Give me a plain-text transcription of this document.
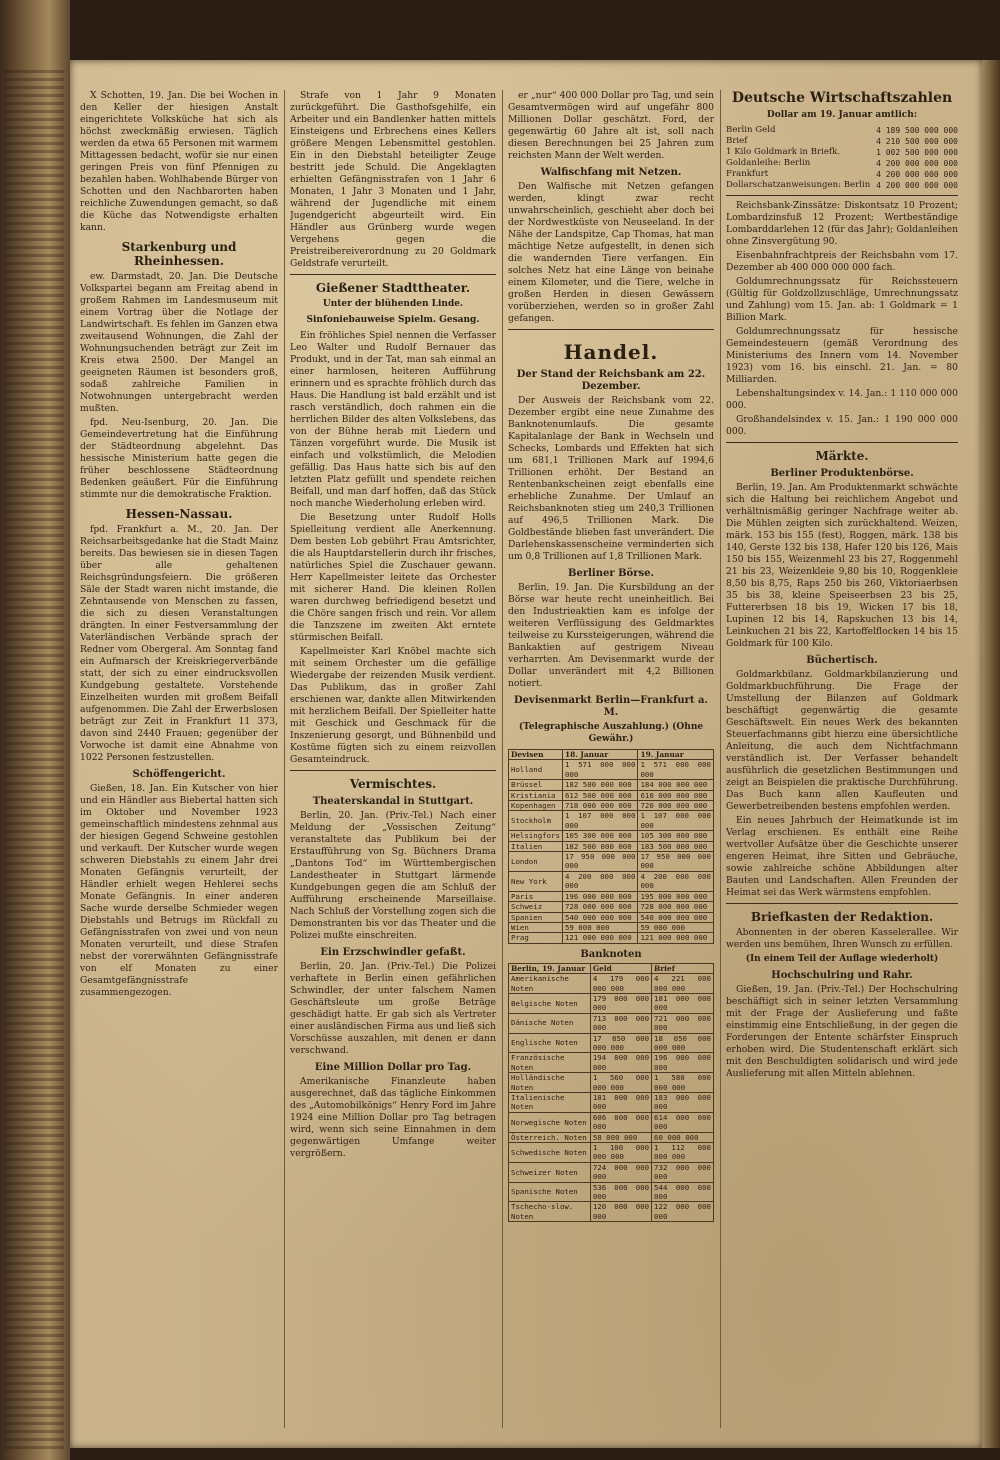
X Schotten, 19. Jan. Die bei Wochen in den Keller der hiesigen Anstalt eingerichtete Volksküche hat sich als höchst zweckmäßig erwiesen. Täglich werden da etwa 65 Personen mit warmem Mittagessen bedacht, wofür sie nur einen geringen Preis von fünf Pfennigen zu bezahlen haben. Wohlhabende Bürger von Schotten und den Nachbarorten haben reichliche Zuwendungen gemacht, so daß die Küche das Notwendigste erhalten kann.

Starkenburg und Rheinhessen.

ew. Darmstadt, 20. Jan. Die Deutsche Volkspartei begann am Freitag abend in großem Rahmen im Landesmuseum mit einem Vortrag über die Notlage der Landwirtschaft. Es fehlen im Ganzen etwa zweitausend Wohnungen, die Zahl der Wohnungsuchenden beträgt zur Zeit im Kreis etwa 2500. Der Mangel an geeigneten Räumen ist besonders groß, sodaß zahlreiche Familien in Notwohnungen untergebracht werden mußten.

fpd. Neu-Isenburg, 20. Jan. Die Gemeindevertretung hat die Einführung der Städteordnung abgelehnt. Das hessische Ministerium hatte gegen die früher beschlossene Städteordnung Bedenken geäußert. Für die Einführung stimmte nur die demokratische Fraktion.

Hessen-Nassau.

fpd. Frankfurt a. M., 20. Jan. Der Reichsarbeitsgedanke hat die Stadt Mainz bereits. Das bewiesen sie in diesen Tagen über alle gehaltenen Reichsgründungsfeiern. Die größeren Säle der Stadt waren nicht imstande, die Zehntausende von Menschen zu fassen, die sich zu diesen Veranstaltungen drängten. In einer Festversammlung der Vaterländischen Verbände sprach der Redner vom Obergeral. Am Sonntag fand ein Aufmarsch der Kreiskriegerverbände statt, der sich zu einer eindrucksvollen Kundgebung gestaltete. Vorstehende Einzelheiten wurden mit großem Beifall aufgenommen. Die Zahl der Erwerbslosen beträgt zur Zeit in Frankfurt 11 373, davon sind 2440 Frauen; gegenüber der Vorwoche ist damit eine Abnahme von 1022 Personen festzustellen.

Schöffengericht.

Gießen, 18. Jan. Ein Kutscher von hier und ein Händler aus Biebertal hatten sich im Oktober und November 1923 gemeinschaftlich mindestens zehnmal aus der hiesigen Gegend Schweine gestohlen und verkauft. Der Kutscher wurde wegen schweren Diebstahls zu einem Jahr drei Monaten Gefängnis verurteilt, der Händler erhielt wegen Hehlerei sechs Monate Gefängnis. In einer anderen Sache wurde derselbe Schmieder wegen Diebstahls und Betrugs im Rückfall zu Gefängnisstrafen von zwei und von neun Monaten verurteilt, und diese Strafen nebst der vorerwähnten Gefängnisstrafe von elf Monaten zu einer Gesamtgefängnisstrafe zusammengezogen.

Strafe von 1 Jahr 9 Monaten zurückgeführt. Die Gasthofsgehilfe, ein Arbeiter und ein Bandlenker hatten mittels Einsteigens und Erbrechens eines Kellers größere Mengen Lebensmittel gestohlen. Ein in den Diebstahl beteiligter Zeuge bestritt jede Schuld. Die Angeklagten erhielten Gefängnisstrafen von 1 Jahr 6 Monaten, 1 Jahr 3 Monaten und 1 Jahr, während der Jugendliche mit einem Jugendgericht abgeurteilt wird. Ein Händler aus Grünberg wurde wegen Vergehens gegen die Preistreibereiverordnung zu 20 Goldmark Geldstrafe verurteilt.

Gießener Stadttheater.
Unter der blühenden Linde.
Sinfoniebauweise Spielm. Gesang.

Ein fröhliches Spiel nennen die Verfasser Leo Walter und Rudolf Bernauer das Produkt, und in der Tat, man sah einmal an einer harmlosen, heiteren Aufführung erinnern und es sprachte fröhlich durch das Haus. Die Handlung ist bald erzählt und ist rasch verständlich, doch rahmen ein die herrlichen Bilder des alten Volkslebens, das von der Bühne herab mit Liedern und Tänzen vorgeführt wurde. Die Musik ist einfach und volkstümlich, die Melodien gefällig. Das Haus hatte sich bis auf den letzten Platz gefüllt und spendete reichen Beifall, und man darf hoffen, daß das Stück noch manche Wiederholung erleben wird.

Die Besetzung unter Rudolf Holls Spielleitung verdient alle Anerkennung. Dem besten Lob gebührt Frau Amtsrichter, die als Hauptdarstellerin durch ihr frisches, natürliches Spiel die Zuschauer gewann. Herr Kapellmeister leitete das Orchester mit sicherer Hand. Die kleinen Rollen waren durchweg befriedigend besetzt und die Chöre sangen frisch und rein. Vor allem die Tanzszene im zweiten Akt erntete stürmischen Beifall.

Kapellmeister Karl Knöbel machte sich mit seinem Orchester um die gefällige Wiedergabe der reizenden Musik verdient. Das Publikum, das in großer Zahl erschienen war, dankte allen Mitwirkenden mit herzlichem Beifall. Der Spielleiter hatte mit Geschick und Geschmack für die Inszenierung gesorgt, und Bühnenbild und Kostüme fügten sich zu einem reizvollen Gesamteindruck.

Vermischtes.
Theaterskandal in Stuttgart.

Berlin, 20. Jan. (Priv.-Tel.) Nach einer Meldung der „Vossischen Zeitung“ veranstaltete das Publikum bei der Erstaufführung von Sg. Büchners Drama „Dantons Tod“ im Württembergischen Landestheater in Stuttgart lärmende Kundgebungen gegen die am Schluß der Aufführung erscheinende Marseillaise. Nach Schluß der Vorstellung zogen sich die Demonstranten bis vor das Theater und die Polizei mußte einschreiten.

Ein Erzschwindler gefaßt.

Berlin, 20. Jan. (Priv.-Tel.) Die Polizei verhaftete in Berlin einen gefährlichen Schwindler, der unter falschem Namen Geschäftsleute um große Beträge geschädigt hatte. Er gab sich als Vertreter einer ausländischen Firma aus und ließ sich Vorschüsse auszahlen, mit denen er dann verschwand.

Eine Million Dollar pro Tag.

Amerikanische Finanzleute haben ausgerechnet, daß das tägliche Einkommen des „Automobilkönigs“ Henry Ford im Jahre 1924 eine Million Dollar pro Tag betragen wird, wenn sich seine Einnahmen in dem gegenwärtigen Umfange weiter vergrößern.

er „nur“ 400 000 Dollar pro Tag, und sein Gesamtvermögen wird auf ungefähr 800 Millionen Dollar geschätzt. Ford, der gegenwärtig 60 Jahre alt ist, soll nach diesen Berechnungen bei 25 Jahren zum reichsten Mann der Welt werden.

Walfischfang mit Netzen.

Den Walfische mit Netzen gefangen werden, klingt zwar recht unwahrscheinlich, geschieht aber doch bei der Nordwestküste von Neuseeland. In der Nähe der Landspitze, Cap Thomas, hat man mächtige Netze aufgestellt, in denen sich die wandernden Tiere verfangen. Ein solches Netz hat eine Länge von beinahe einem Kilometer, und die Tiere, welche in großen Herden in diesen Gewässern vorüberziehen, werden so in großer Zahl gefangen.

Handel.
Der Stand der Reichsbank am 22. Dezember.

Der Ausweis der Reichsbank vom 22. Dezember ergibt eine neue Zunahme des Banknotenumlaufs. Die gesamte Kapitalanlage der Bank in Wechseln und Schecks, Lombards und Effekten hat sich um 681,1 Trillionen Mark auf 1994,6 Trillionen erhöht. Der Bestand an Rentenbankscheinen zeigt ebenfalls eine erhebliche Zunahme. Der Umlauf an Reichsbanknoten stieg um 240,3 Trillionen auf 496,5 Trillionen Mark. Die Goldbestände blieben fast unverändert. Die Darlehenskassenscheine verminderten sich um 0,8 Trillionen auf 1,8 Trillionen Mark.

Berliner Börse.

Berlin, 19. Jan. Die Kursbildung an der Börse war heute recht uneinheitlich. Bei den Industrieaktien kam es infolge der weiteren Verflüssigung des Geldmarktes teilweise zu Kurssteigerungen, während die Bankaktien auf gestrigem Niveau verharrten. Am Devisenmarkt wurde der Dollar unverändert mit 4,2 Billionen notiert.

Devisenmarkt Berlin—Frankfurt a. M.
(Telegraphische Auszahlung.) (Ohne Gewähr.)
Devisen	18. Januar	19. Januar
Holland	1 571 000 000 000	1 571 000 000 000
Brüssel	182 500 000 000	184 000 000 000
Kristiania	612 500 000 000	610 000 000 000
Kopenhagen	718 000 000 000	720 000 000 000
Stockholm	1 107 000 000 000	1 107 000 000 000
Helsingfors	105 300 000 000	105 300 000 000
Italien	182 500 000 000	183 500 000 000
London	17 950 000 000 000	17 950 000 000 000
New York	4 200 000 000 000	4 200 000 000 000
Paris	196 000 000 000	195 000 000 000
Schweiz	728 000 000 000	728 000 000 000
Spanien	540 000 000 000	540 000 000 000
Wien	59 000 000	59 000 000
Prag	121 000 000 000	121 000 000 000
Banknoten
Berlin, 19. Januar	Geld	Brief
Amerikanische Noten	4 179 000 000 000	4 221 000 000 000
Belgische Noten	179 000 000 000	181 000 000 000
Dänische Noten	713 000 000 000	721 000 000 000
Englische Noten	17 850 000 000 000	18 050 000 000 000
Französische Noten	194 000 000 000	196 000 000 000
Holländische Noten	1 560 000 000 000	1 580 000 000 000
Italienische Noten	181 000 000 000	183 000 000 000
Norwegische Noten	606 000 000 000	614 000 000 000
Österreich. Noten	58 000 000	60 000 000
Schwedische Noten	1 100 000 000 000	1 112 000 000 000
Schweizer Noten	724 000 000 000	732 000 000 000
Spanische Noten	536 000 000 000	544 000 000 000
Tschecho-slow. Noten	120 000 000 000	122 000 000 000
Deutsche Wirtschaftszahlen
Dollar am 19. Januar amtlich:
Berlin Geld	4 189 500 000 000
Brief	4 210 500 000 000
1 Kilo Goldmark in Briefk.	1 002 500 000 000
Goldanleihe: Berlin	4 200 000 000 000
Frankfurt	4 200 000 000 000
Dollarschatzanweisungen: Berlin 4 200 000 000 000

Reichsbank-Zinssätze: Diskontsatz 10 Prozent; Lombardzinsfuß 12 Prozent; Wertbeständige Lombarddarlehen 12 (für das Jahr); Goldanleihen ohne Zinsvergütung 90.

Eisenbahnfrachtpreis der Reichsbahn vom 17. Dezember ab 400 000 000 000 fach.

Goldumrechnungssatz für Reichssteuern (Gültig für Goldzollzuschläge, Umrechnungssatz und Zahlung) vom 15. Jan. ab: 1 Goldmark = 1 Billion Mark.

Goldumrechnungssatz für hessische Gemeindesteuern (gemäß Verordnung des Ministeriums des Innern vom 14. November 1923) vom 16. bis einschl. 21. Jan. = 80 Milliarden.

Lebenshaltungsindex v. 14. Jan.: 1 110 000 000 000.

Großhandelsindex v. 15. Jan.: 1 190 000 000 000.

Märkte.
Berliner Produktenbörse.

Berlin, 19. Jan. Am Produktenmarkt schwächte sich die Haltung bei reichlichem Angebot und verhältnismäßig geringer Nachfrage weiter ab. Die Mühlen zeigten sich zurückhaltend. Weizen, märk. 153 bis 155 (fest), Roggen, märk. 138 bis 140, Gerste 132 bis 138, Hafer 120 bis 126, Mais 150 bis 155, Weizenmehl 23 bis 27, Roggenmehl 21 bis 23, Weizenkleie 9,80 bis 10, Roggenkleie 8,50 bis 8,75, Raps 250 bis 260, Viktoriaerbsen 35 bis 38, kleine Speiseerbsen 23 bis 25, Futtererbsen 18 bis 19, Wicken 17 bis 18, Lupinen 12 bis 14, Rapskuchen 13 bis 14, Leinkuchen 21 bis 22, Kartoffelflocken 14 bis 15 Goldmark für 100 Kilo.

Büchertisch.

Goldmarkbilanz. Goldmarkbilanzierung und Goldmarkbuchführung. Die Frage der Umstellung der Bilanzen auf Goldmark beschäftigt gegenwärtig die gesamte Geschäftswelt. Ein neues Werk des bekannten Steuerfachmanns gibt hierzu eine übersichtliche Anleitung, die auch dem Nichtfachmann verständlich ist. Der Verfasser behandelt ausführlich die gesetzlichen Bestimmungen und zeigt an Beispielen die praktische Durchführung. Das Buch kann allen Kaufleuten und Gewerbetreibenden bestens empfohlen werden.

Ein neues Jahrbuch der Heimatkunde ist im Verlag erschienen. Es enthält eine Reihe wertvoller Aufsätze über die Geschichte unserer engeren Heimat, ihre Sitten und Gebräuche, sowie zahlreiche schöne Abbildungen alter Bauten und Landschaften. Allen Freunden der Heimat sei das Werk wärmstens empfohlen.

Briefkasten der Redaktion.

Abonnenten in der oberen Kasselerallee. Wir werden uns bemühen, Ihren Wunsch zu erfüllen.

(In einem Teil der Auflage wiederholt)
Hochschulring und Rahr.

Gießen, 19. Jan. (Priv.-Tel.) Der Hochschulring beschäftigt sich in seiner letzten Versammlung mit der Frage der Auslieferung und faßte einstimmig eine Entschließung, in der gegen die Forderungen der Entente schärfster Einspruch erhoben wird. Die Studentenschaft erklärt sich mit den Beschuldigten solidarisch und wird jede Auslieferung mit allen Mitteln ablehnen.
